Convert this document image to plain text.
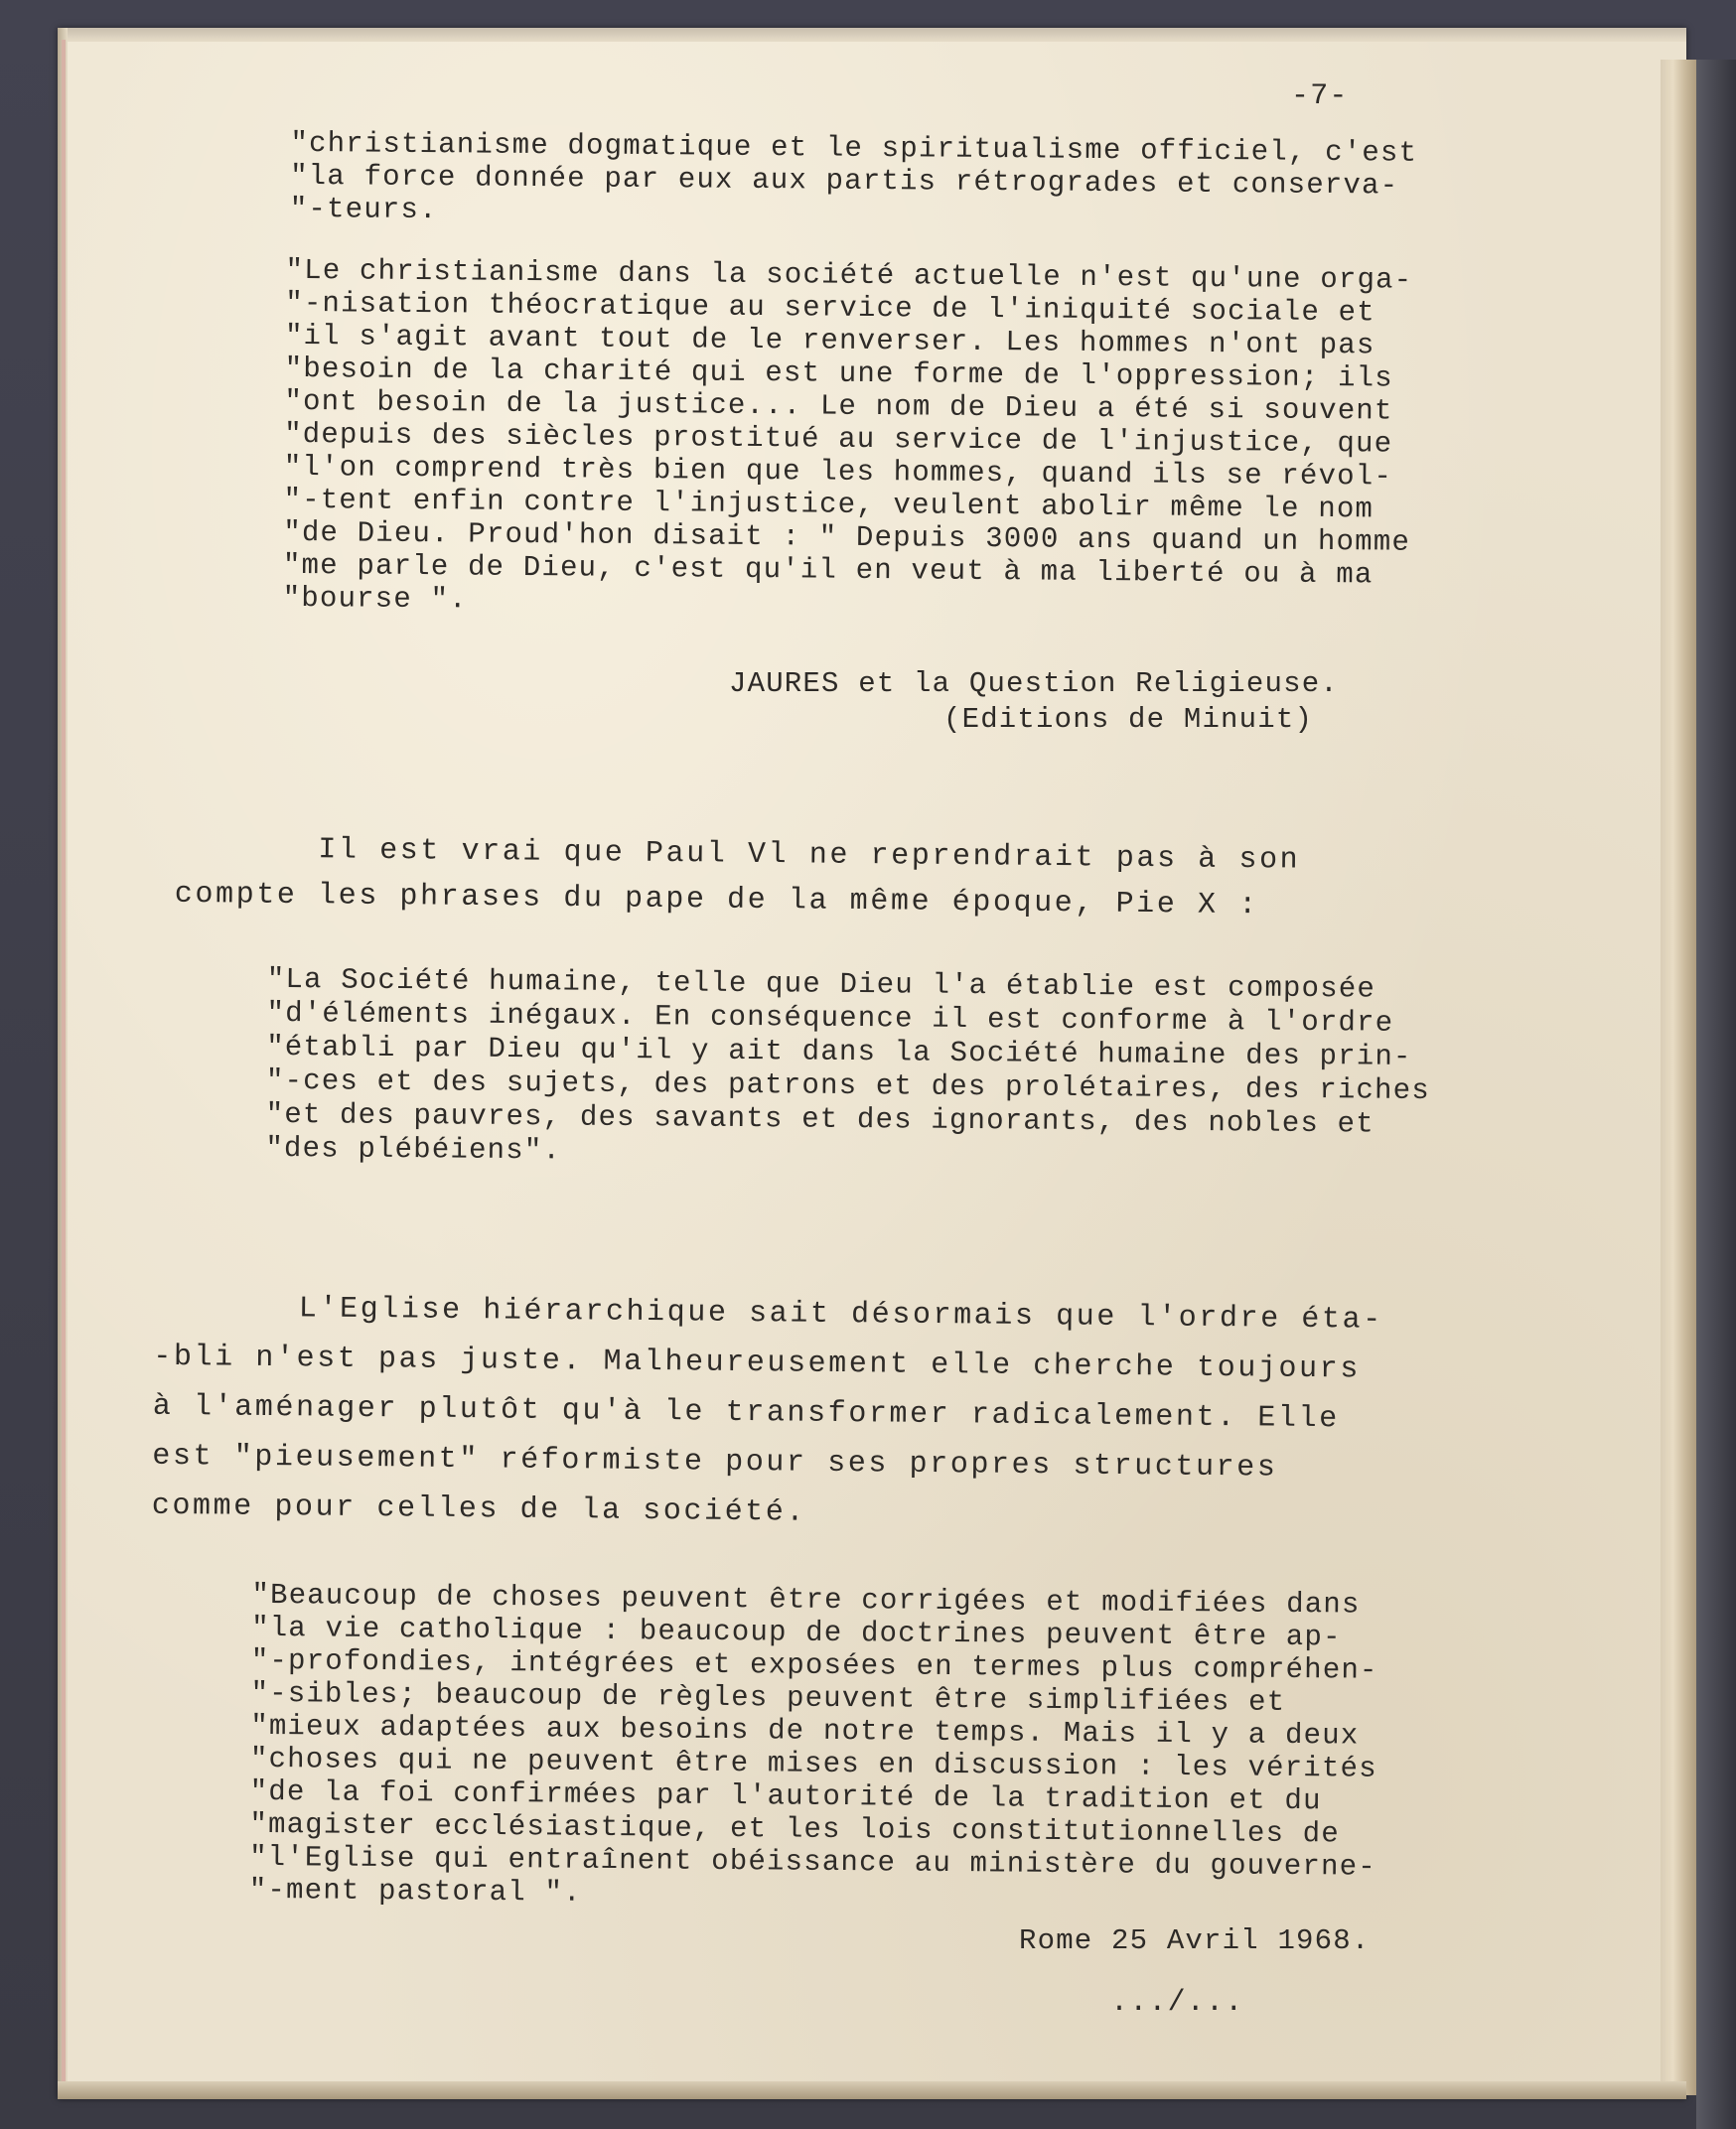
-7-

"christianisme dogmatique et le spiritualisme officiel, c'est

"la force donnée par eux aux partis rétrogrades et conserva-

"-teurs.

"Le christianisme dans la société actuelle n'est qu'une orga-

"-nisation théocratique au service de l'iniquité sociale et

"il s'agit avant tout de le renverser. Les hommes n'ont pas

"besoin de la charité qui est une forme de l'oppression; ils

"ont besoin de la justice... Le nom de Dieu a été si souvent

"depuis des siècles prostitué au service de l'injustice, que

"l'on comprend très bien que les hommes, quand ils se révol-

"-tent enfin contre l'injustice, veulent abolir même le nom

"de Dieu. Proud'hon disait : " Depuis 3000 ans quand un homme

"me parle de Dieu, c'est qu'il en veut à ma liberté ou à ma

"bourse ".

JAURES et la Question Religieuse.

(Editions de Minuit)

Il est vrai que Paul Vl ne reprendrait pas à son

compte les phrases du pape de la même époque, Pie X :

"La Société humaine, telle que Dieu l'a établie est composée

"d'éléments inégaux. En conséquence il est conforme à l'ordre

"établi par Dieu qu'il y ait dans la Société humaine des prin-

"-ces et des sujets, des patrons et des prolétaires, des riches

"et des pauvres, des savants et des ignorants, des nobles et

"des plébéiens".

L'Eglise hiérarchique sait désormais que l'ordre éta-

-bli n'est pas juste. Malheureusement elle cherche toujours

à l'aménager plutôt qu'à le transformer radicalement. Elle

est "pieusement" réformiste pour ses propres structures

comme pour celles de la société.

"Beaucoup de choses peuvent être corrigées et modifiées dans

"la vie catholique : beaucoup de doctrines peuvent être ap-

"-profondies, intégrées et exposées en termes plus compréhen-

"-sibles; beaucoup de règles peuvent être simplifiées et

"mieux adaptées aux besoins de notre temps. Mais il y a deux

"choses qui ne peuvent être mises en discussion : les vérités

"de la foi confirmées par l'autorité de la tradition et du

"magister ecclésiastique, et les lois constitutionnelles de

"l'Eglise qui entraînent obéissance au ministère du gouverne-

"-ment pastoral ".

Rome 25 Avril 1968.
.../...
